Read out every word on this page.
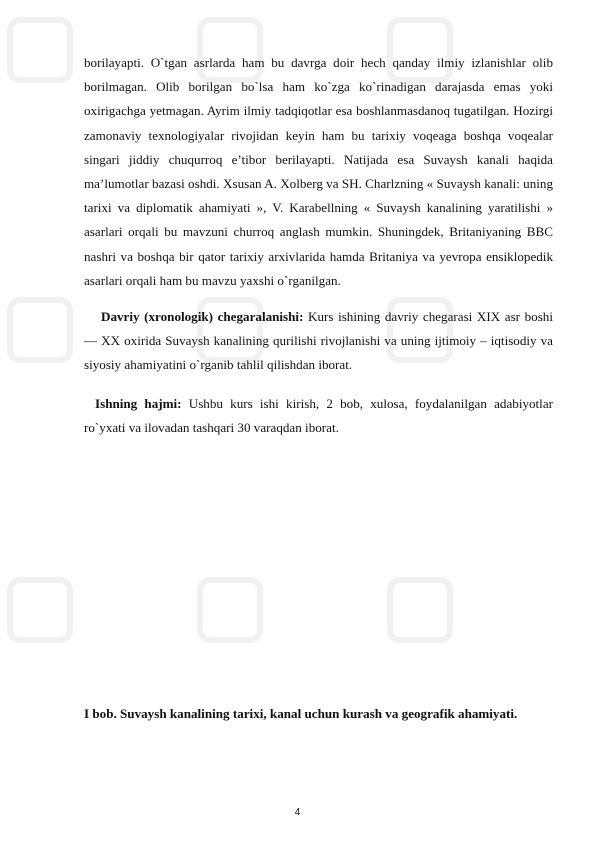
borilayapti. O`tgan asrlarda ham bu davrga doir hech qanday ilmiy izlanishlar olib borilmagan. Olib borilgan bo`lsa ham ko`zga ko`rinadigan darajasda emas yoki oxirigachga yetmagan. Ayrim ilmiy tadqiqotlar esa boshlanmasdanoq tugatilgan. Hozirgi zamonaviy texnologiyalar rivojidan keyin ham bu tarixiy voqeaga boshqa voqealar singari jiddiy chuqurroq e’tibor berilayapti. Natijada esa Suvaysh kanali haqida ma’lumotlar bazasi oshdi. Xsusan A. Xolberg va SH. Charlzning « Suvaysh kanali: uning tarixi va diplomatik ahamiyati », V. Karabellning « Suvaysh kanalining yaratilishi » asarlari orqali bu mavzuni churroq anglash mumkin. Shuningdek, Britaniyaning BBC nashri va boshqa bir qator tarixiy arxivlarida hamda Britaniya va yevropa ensiklopedik asarlari orqali ham bu mavzu yaxshi o`rganilgan.
Davriy (xronologik) chegaralanishi: Kurs ishining davriy chegarasi XIX asr boshi — XX oxirida Suvaysh kanalining qurilishi rivojlanishi va uning ijtimoiy – iqtisodiy va siyosiy ahamiyatini o`rganib tahlil qilishdan iborat.
Ishning hajmi: Ushbu kurs ishi kirish, 2 bob, xulosa, foydalanilgan adabiyotlar ro`yxati va ilovadan tashqari 30 varaqdan iborat.
I bob. Suvaysh kanalining tarixi, kanal uchun kurash va geografik ahamiyati.
4
